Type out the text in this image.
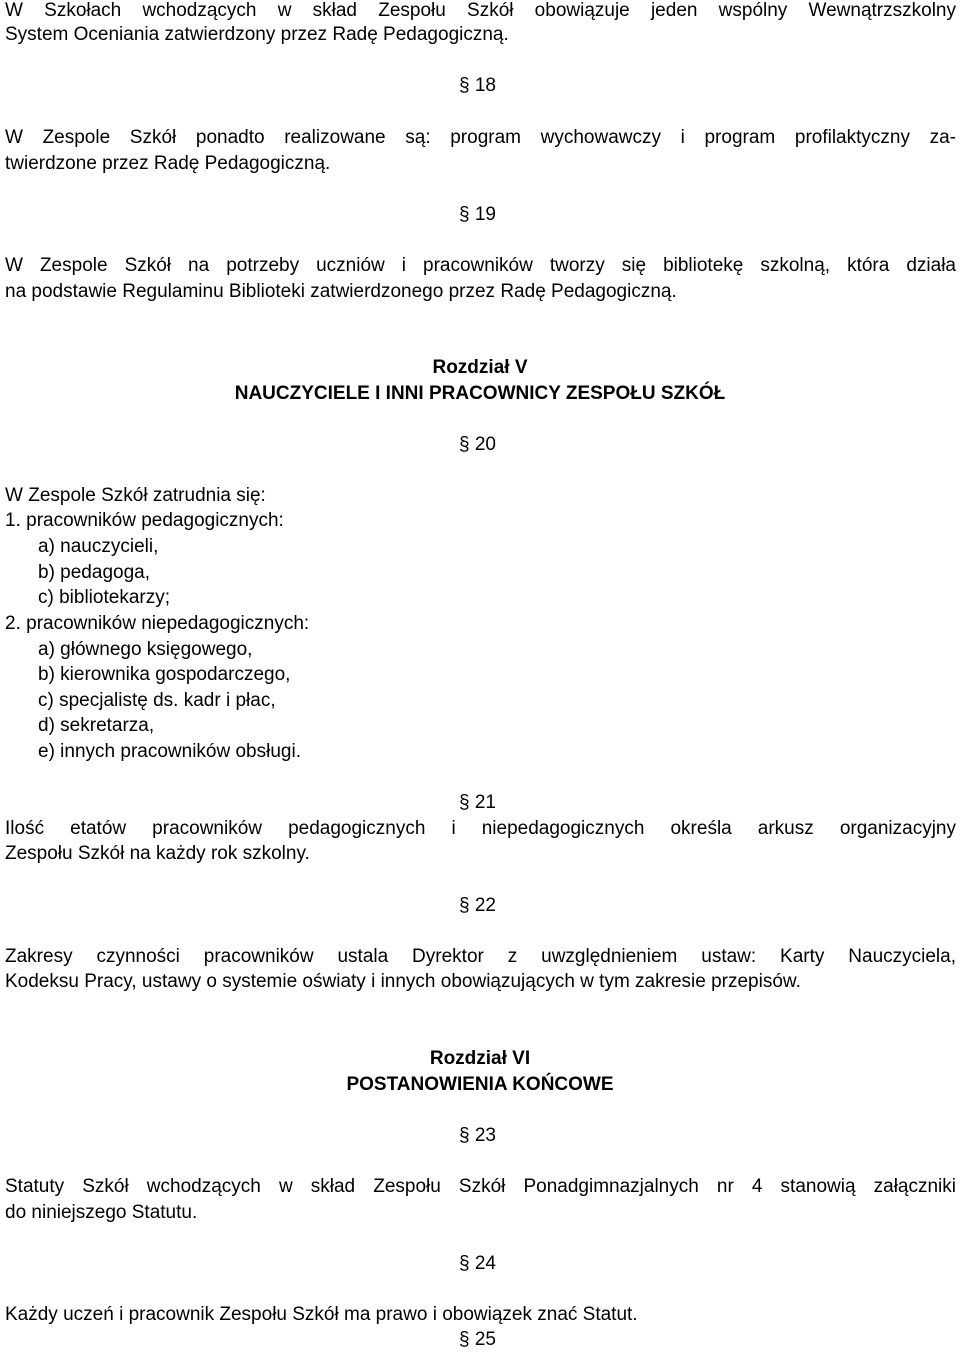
W Szkołach wchodzących w skład Zespołu Szkół obowiązuje jeden wspólny Wewnątrzszkolny
System Oceniania zatwierdzony przez Radę Pedagogiczną.
§ 18
W Zespole Szkół ponadto realizowane są: program wychowawczy i program profilaktyczny za-
twierdzone przez Radę Pedagogiczną.
§ 19
W Zespole Szkół na potrzeby uczniów i pracowników tworzy się bibliotekę szkolną, która działa
na podstawie Regulaminu Biblioteki zatwierdzonego przez Radę Pedagogiczną.
Rozdział V
NAUCZYCIELE I INNI PRACOWNICY ZESPOŁU SZKÓŁ
§ 20
W Zespole Szkół zatrudnia się:
1. pracowników pedagogicznych:
a) nauczycieli,
b) pedagoga,
c) bibliotekarzy;
2. pracowników niepedagogicznych:
a) głównego księgowego,
b) kierownika gospodarczego,
c) specjalistę ds. kadr i płac,
d) sekretarza,
e) innych pracowników obsługi.
§ 21
Ilość etatów pracowników pedagogicznych i niepedagogicznych określa arkusz organizacyjny
Zespołu Szkół na każdy rok szkolny.
§ 22
Zakresy czynności pracowników ustala Dyrektor z uwzględnieniem ustaw: Karty Nauczyciela,
Kodeksu Pracy, ustawy o systemie oświaty i innych obowiązujących w tym zakresie przepisów.
Rozdział VI
POSTANOWIENIA KOŃCOWE
§ 23
Statuty Szkół wchodzących w skład Zespołu Szkół Ponadgimnazjalnych nr 4 stanowią załączniki
do niniejszego Statutu.
§ 24
Każdy uczeń i pracownik Zespołu Szkół ma prawo i obowiązek znać Statut.
§ 25
